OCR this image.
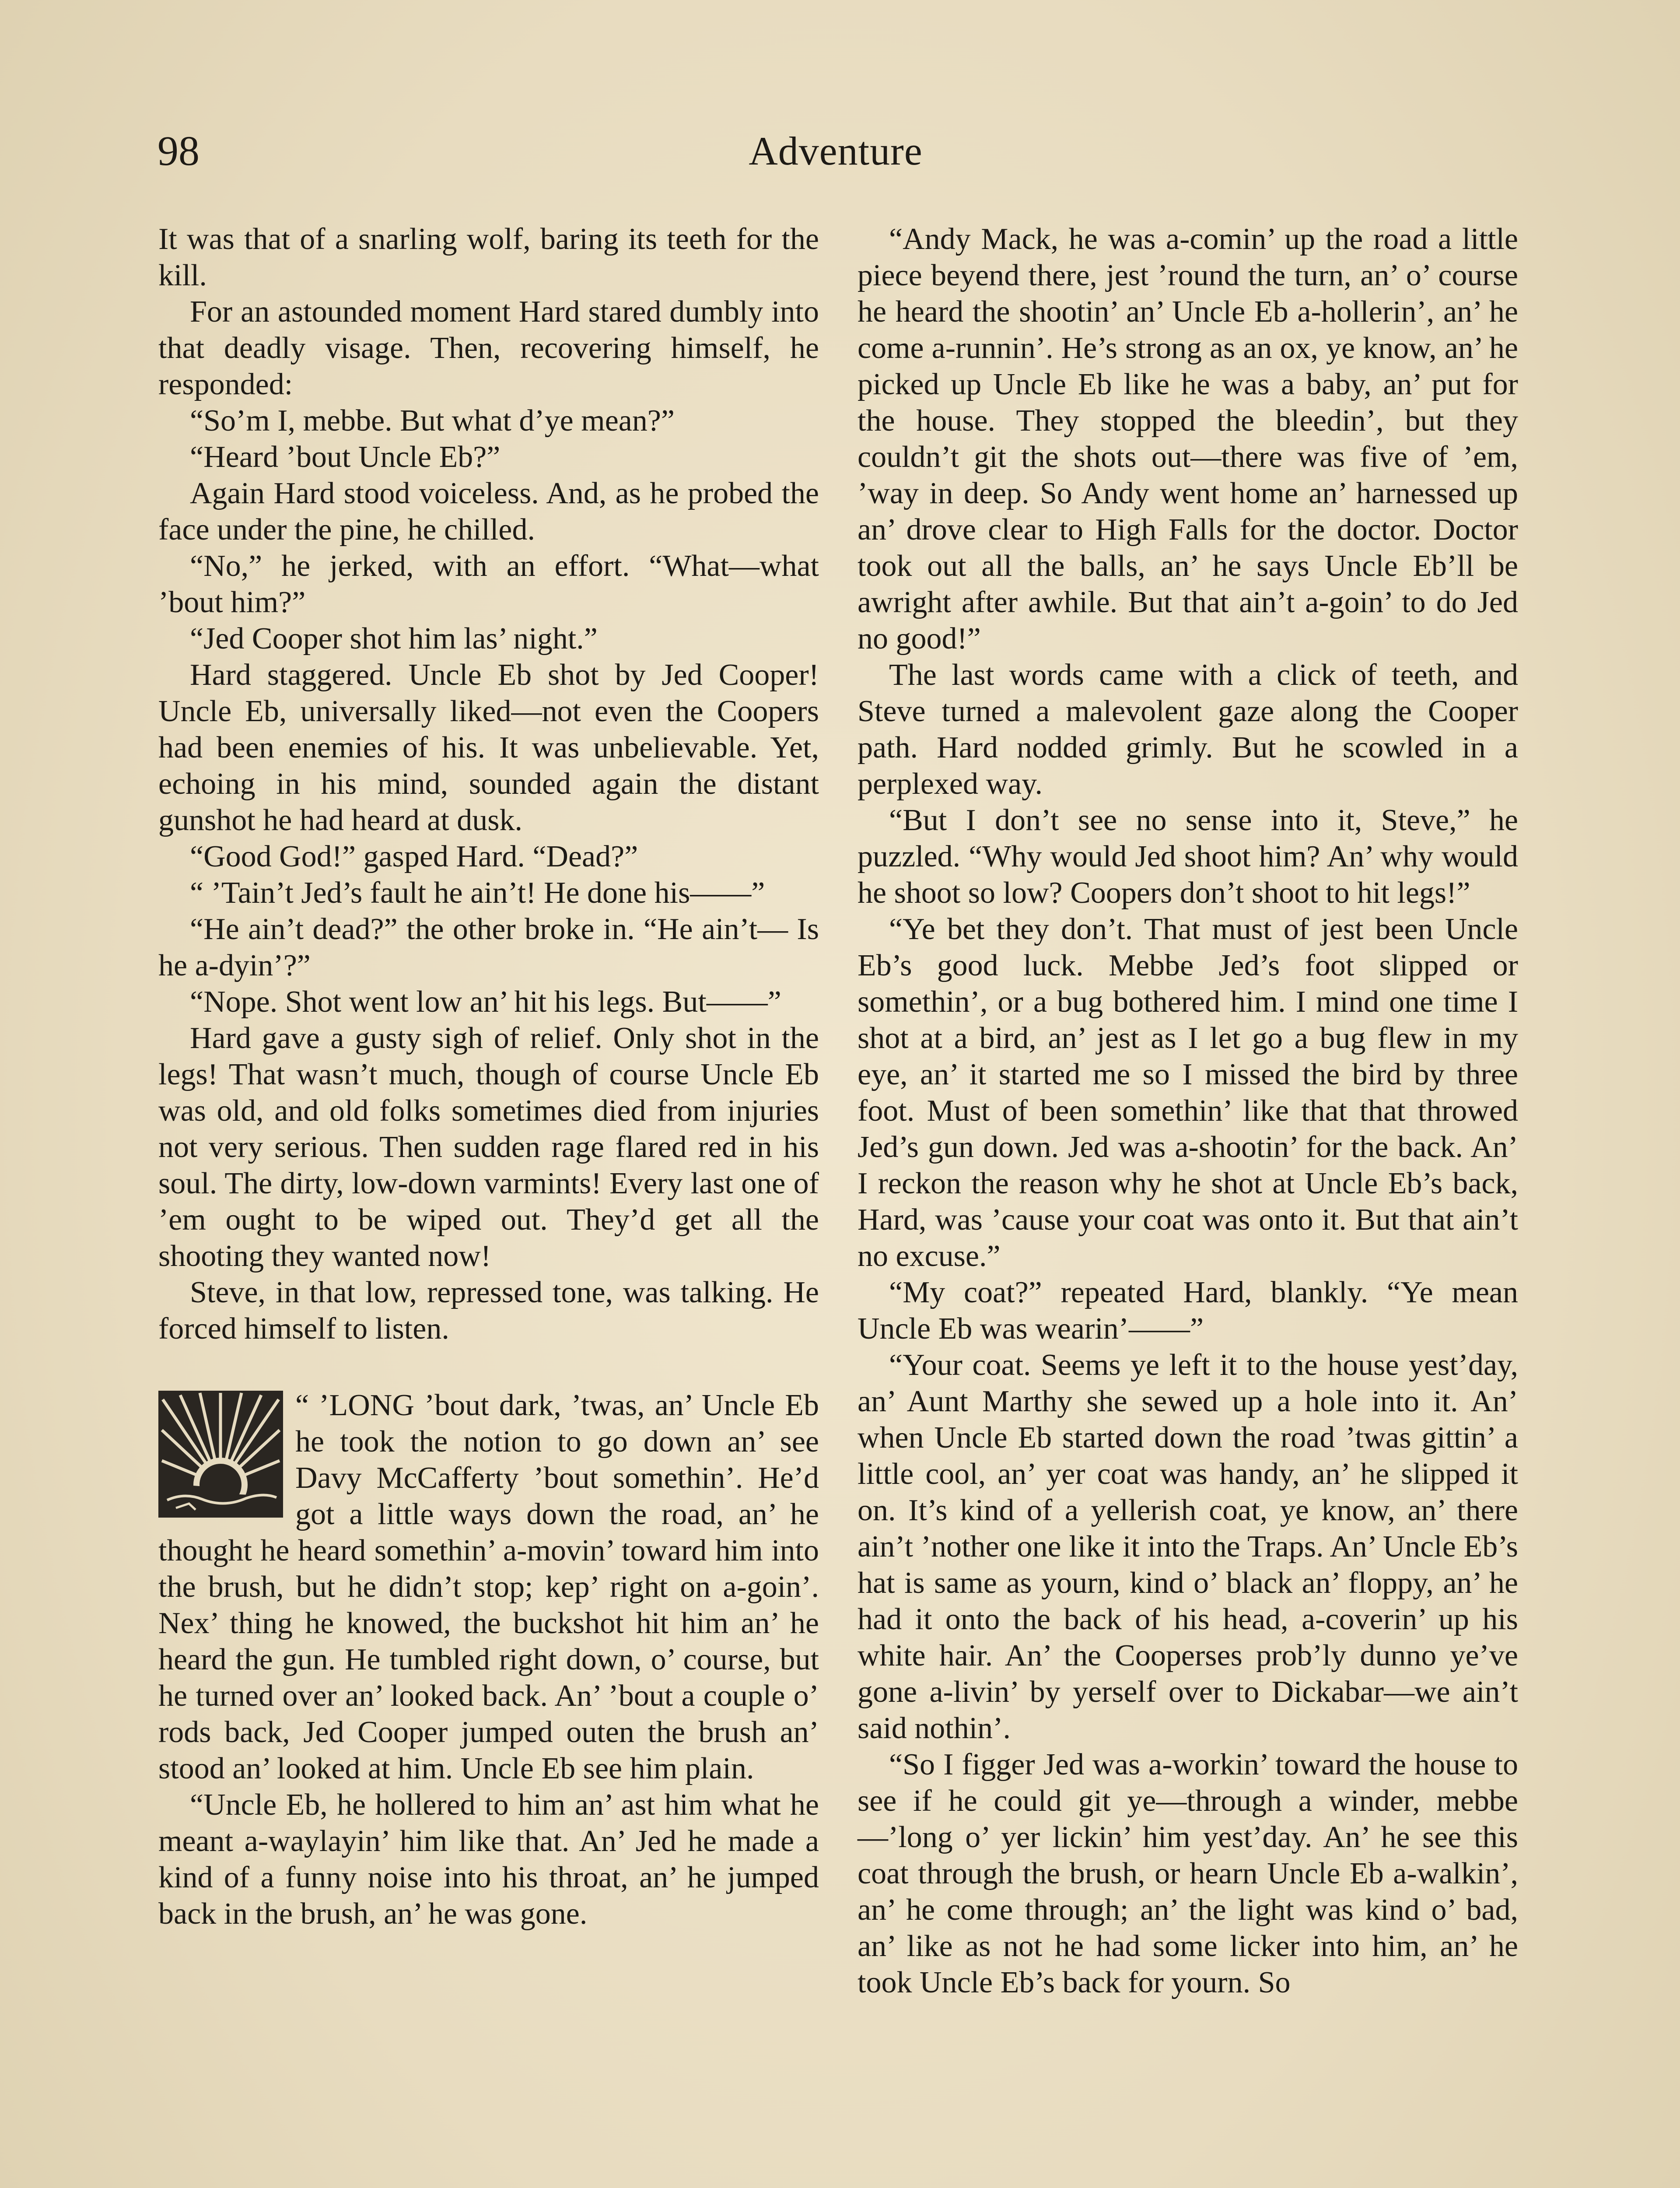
98	Adventure

It was that of a snarling wolf, baring its teeth for the kill.

For an astounded moment Hard stared dumbly into that deadly visage. Then, recovering himself, he responded:

“So’m I, mebbe. But what d’ye mean?”

“Heard ’bout Uncle Eb?”

Again Hard stood voiceless. And, as he probed the face under the pine, he chilled.

“No,” he jerked, with an effort. “What—what ’bout him?”

“Jed Cooper shot him las’ night.”

Hard staggered. Uncle Eb shot by Jed Cooper! Uncle Eb, universally liked—not even the Coopers had been enemies of his. It was unbelievable. Yet, echoing in his mind, sounded again the distant gunshot he had heard at dusk.

“Good God!” gasped Hard. “Dead?”

“ ’Tain’t Jed’s fault he ain’t! He done his——”

“He ain’t dead?” the other broke in. “He ain’t— Is he a-dyin’?”

“Nope. Shot went low an’ hit his legs. But——”

Hard gave a gusty sigh of relief. Only shot in the legs! That wasn’t much, though of course Uncle Eb was old, and old folks sometimes died from injuries not very serious. Then sudden rage flared red in his soul. The dirty, low-down varmints! Every last one of ’em ought to be wiped out. They’d get all the shooting they wanted now!

Steve, in that low, repressed tone, was talking. He forced himself to listen.

“ ’LONG ’bout dark, ’twas, an’ Uncle Eb he took the notion to go down an’ see Davy McCafferty ’bout somethin’. He’d got a little ways down the road, an’ he thought he heard somethin’ a-movin’ toward him into the brush, but he didn’t stop; kep’ right on a-goin’. Nex’ thing he knowed, the buckshot hit him an’ he heard the gun. He tumbled right down, o’ course, but he turned over an’ looked back. An’ ’bout a couple o’ rods back, Jed Cooper jumped outen the brush an’ stood an’ looked at him. Uncle Eb see him plain.

“Uncle Eb, he hollered to him an’ ast him what he meant a-waylayin’ him like that. An’ Jed he made a kind of a funny noise into his throat, an’ he jumped back in the brush, an’ he was gone.

“Andy Mack, he was a-comin’ up the road a little piece beyend there, jest ’round the turn, an’ o’ course he heard the shootin’ an’ Uncle Eb a-hollerin’, an’ he come a-runnin’. He’s strong as an ox, ye know, an’ he picked up Uncle Eb like he was a baby, an’ put for the house. They stopped the bleedin’, but they couldn’t git the shots out—there was five of ’em, ’way in deep. So Andy went home an’ harnessed up an’ drove clear to High Falls for the doctor. Doctor took out all the balls, an’ he says Uncle Eb’ll be awright after awhile. But that ain’t a-goin’ to do Jed no good!”

The last words came with a click of teeth, and Steve turned a malevolent gaze along the Cooper path. Hard nodded grimly. But he scowled in a perplexed way.

“But I don’t see no sense into it, Steve,” he puzzled. “Why would Jed shoot him? An’ why would he shoot so low? Coopers don’t shoot to hit legs!”

“Ye bet they don’t. That must of jest been Uncle Eb’s good luck. Mebbe Jed’s foot slipped or somethin’, or a bug bothered him. I mind one time I shot at a bird, an’ jest as I let go a bug flew in my eye, an’ it started me so I missed the bird by three foot. Must of been somethin’ like that that throwed Jed’s gun down. Jed was a-shootin’ for the back. An’ I reckon the reason why he shot at Uncle Eb’s back, Hard, was ’cause your coat was onto it. But that ain’t no excuse.”

“My coat?” repeated Hard, blankly. “Ye mean Uncle Eb was wearin’——”

“Your coat. Seems ye left it to the house yest’day, an’ Aunt Marthy she sewed up a hole into it. An’ when Uncle Eb started down the road ’twas gittin’ a little cool, an’ yer coat was handy, an’ he slipped it on. It’s kind of a yellerish coat, ye know, an’ there ain’t ’nother one like it into the Traps. An’ Uncle Eb’s hat is same as yourn, kind o’ black an’ floppy, an’ he had it onto the back of his head, a-coverin’ up his white hair. An’ the Cooperses prob’ly dunno ye’ve gone a-livin’ by yerself over to Dickabar—we ain’t said nothin’.

“So I figger Jed was a-workin’ toward the house to see if he could git ye—through a winder, mebbe—’long o’ yer lickin’ him yest’day. An’ he see this coat through the brush, or hearn Uncle Eb a-walkin’, an’ he come through; an’ the light was kind o’ bad, an’ like as not he had some licker into him, an’ he took Uncle Eb’s back for yourn. So
